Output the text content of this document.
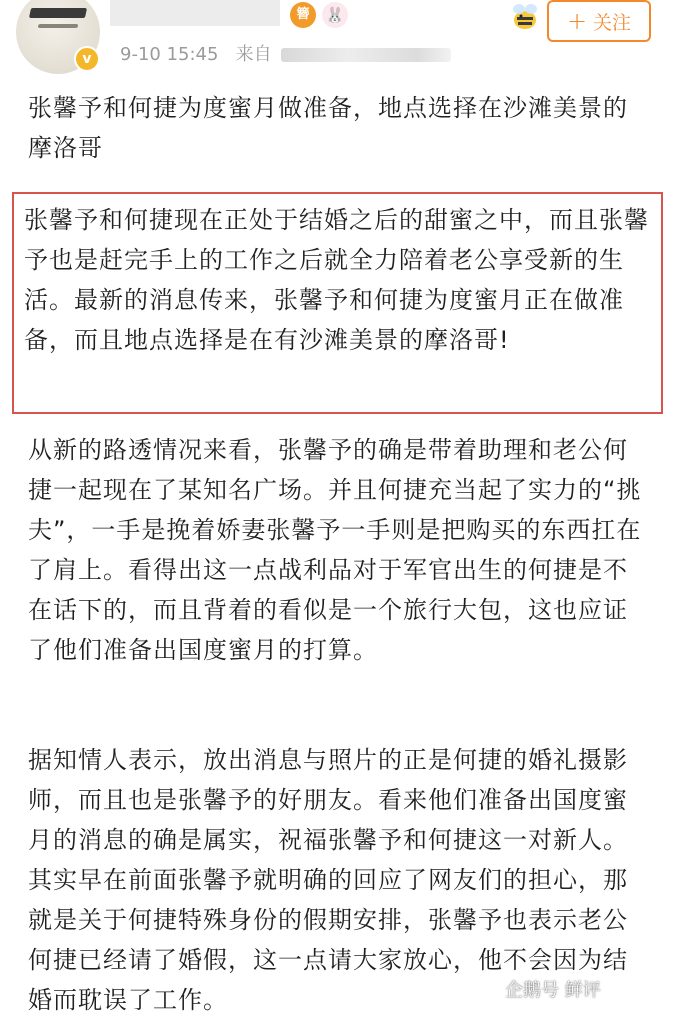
v
簪	🐰
9-10 15:45 来自
+ 关注

张馨予和何捷为度蜜月做准备，地点选择在沙滩美景的摩洛哥

张馨予和何捷现在正处于结婚之后的甜蜜之中，而且张馨予也是赶完手上的工作之后就全力陪着老公享受新的生活。最新的消息传来，张馨予和何捷为度蜜月正在做准备，而且地点选择是在有沙滩美景的摩洛哥!

从新的路透情况来看，张馨予的确是带着助理和老公何捷一起现在了某知名广场。并且何捷充当起了实力的“挑夫”，一手是挽着娇妻张馨予一手则是把购买的东西扛在了肩上。看得出这一点战利品对于军官出生的何捷是不在话下的，而且背着的看似是一个旅行大包，这也应证了他们准备出国度蜜月的打算。

据知情人表示，放出消息与照片的正是何捷的婚礼摄影师，而且也是张馨予的好朋友。看来他们准备出国度蜜月的消息的确是属实，祝福张馨予和何捷这一对新人。其实早在前面张馨予就明确的回应了网友们的担心，那就是关于何捷特殊身份的假期安排，张馨予也表示老公何捷已经请了婚假，这一点请大家放心，他不会因为结婚而耽误了工作。	企鹅号 鲜评
